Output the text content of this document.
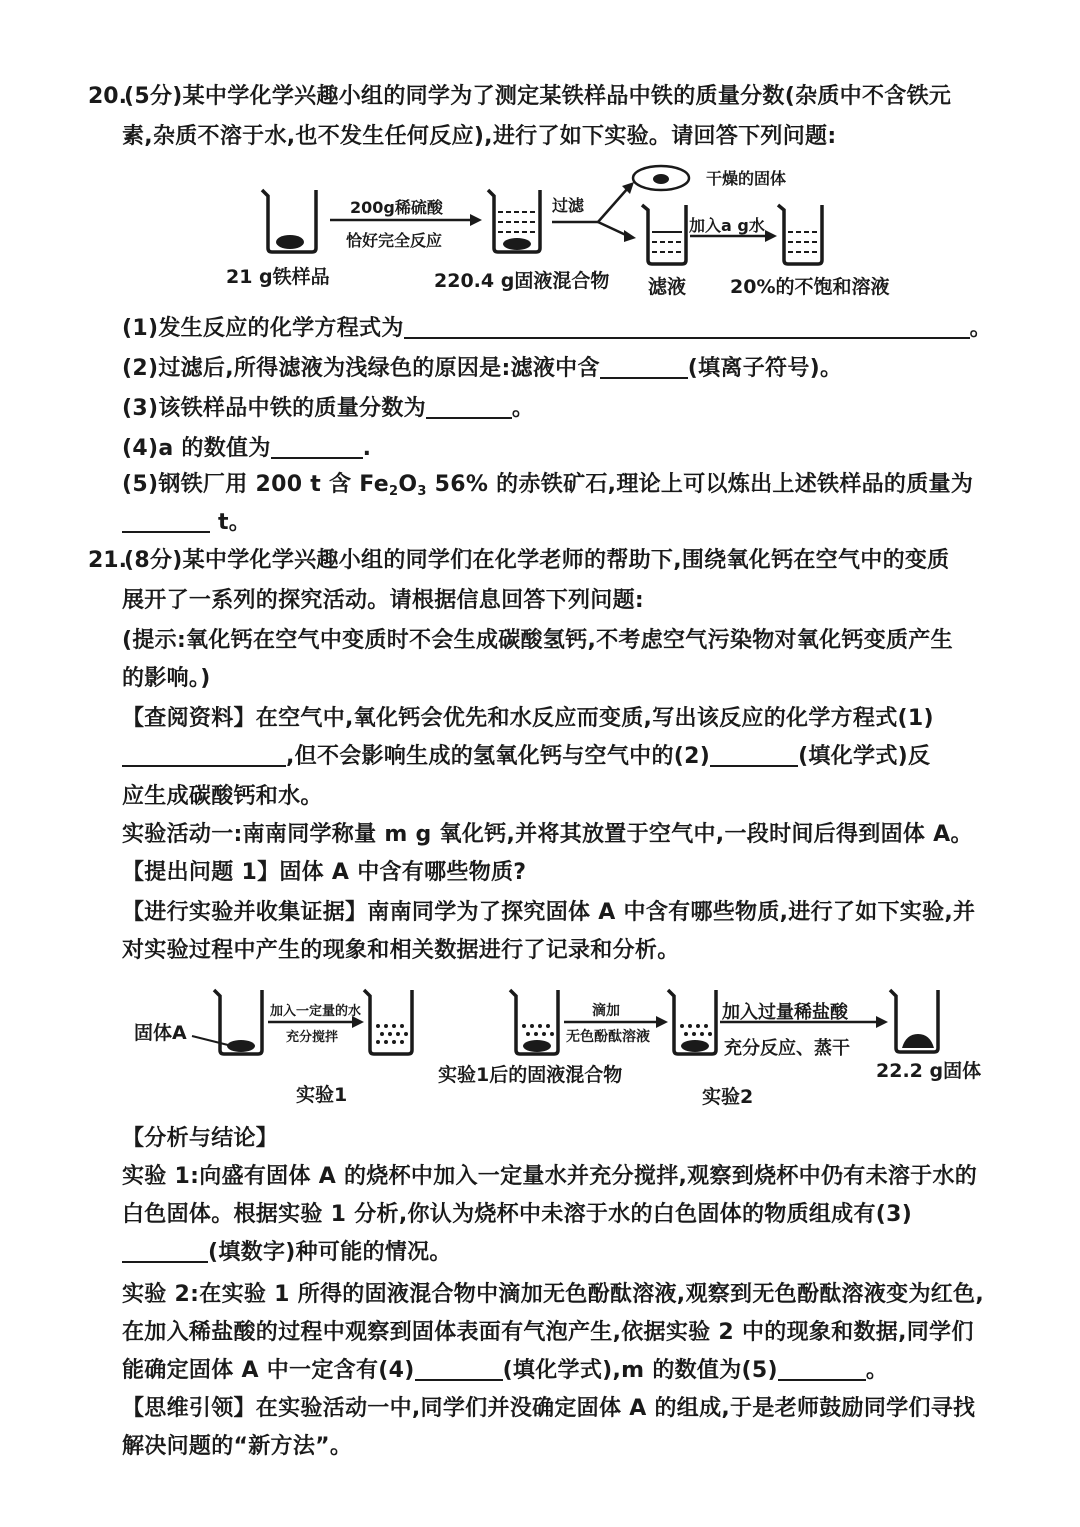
20.
(5分)某中学化学兴趣小组的同学为了测定某铁样品中铁的质量分数(杂质中不含铁元
素,杂质不溶于水,也不发生任何反应),进行了如下实验。请回答下列问题:
200g稀硫酸
恰好完全反应
过滤
干燥的固体
加入a g水
21 g铁样品	220.4 g固液混合物 滤液 20%的不饱和溶液
(1)发生反应的化学方程式为	。
(2)过滤后,所得滤液为浅绿色的原因是:滤液中含	(填离子符号)。
(3)该铁样品中铁的质量分数为	。
(4)a 的数值为	.
(5)钢铁厂用 200 t 含 $Fe_2O_3$ 56% 的赤铁矿石,理论上可以炼出上述铁样品的质量为
t。
21.
(8分)某中学化学兴趣小组的同学们在化学老师的帮助下,围绕氧化钙在空气中的变质
展开了一系列的探究活动。请根据信息回答下列问题:
(提示:氧化钙在空气中变质时不会生成碳酸氢钙,不考虑空气污染物对氧化钙变质产生
的影响。)
【查阅资料】在空气中,氧化钙会优先和水反应而变质,写出该反应的化学方程式(1)
,但不会影响生成的氢氧化钙与空气中的(2)	(填化学式)反
应生成碳酸钙和水。
实验活动一:南南同学称量 m g 氧化钙,并将其放置于空气中,一段时间后得到固体 A。
【提出问题 1】固体 A 中含有哪些物质?
【进行实验并收集证据】南南同学为了探究固体 A 中含有哪些物质,进行了如下实验,并
对实验过程中产生的现象和相关数据进行了记录和分析。
固体A
加入一定量的水
充分搅拌
实验1
实验1后的固液混合物
滴加
无色酚酞溶液
加入过量稀盐酸
充分反应、蒸干
22.2 g固体
实验2
【分析与结论】
实验 1:向盛有固体 A 的烧杯中加入一定量水并充分搅拌,观察到烧杯中仍有未溶于水的
白色固体。根据实验 1 分析,你认为烧杯中未溶于水的白色固体的物质组成有(3)
(填数字)种可能的情况。
实验 2:在实验 1 所得的固液混合物中滴加无色酚酞溶液,观察到无色酚酞溶液变为红色,
在加入稀盐酸的过程中观察到固体表面有气泡产生,依据实验 2 中的现象和数据,同学们
能确定固体 A 中一定含有(4)	(填化学式),m 的数值为(5)	。
【思维引领】在实验活动一中,同学们并没确定固体 A 的组成,于是老师鼓励同学们寻找
解决问题的“新方法”。
